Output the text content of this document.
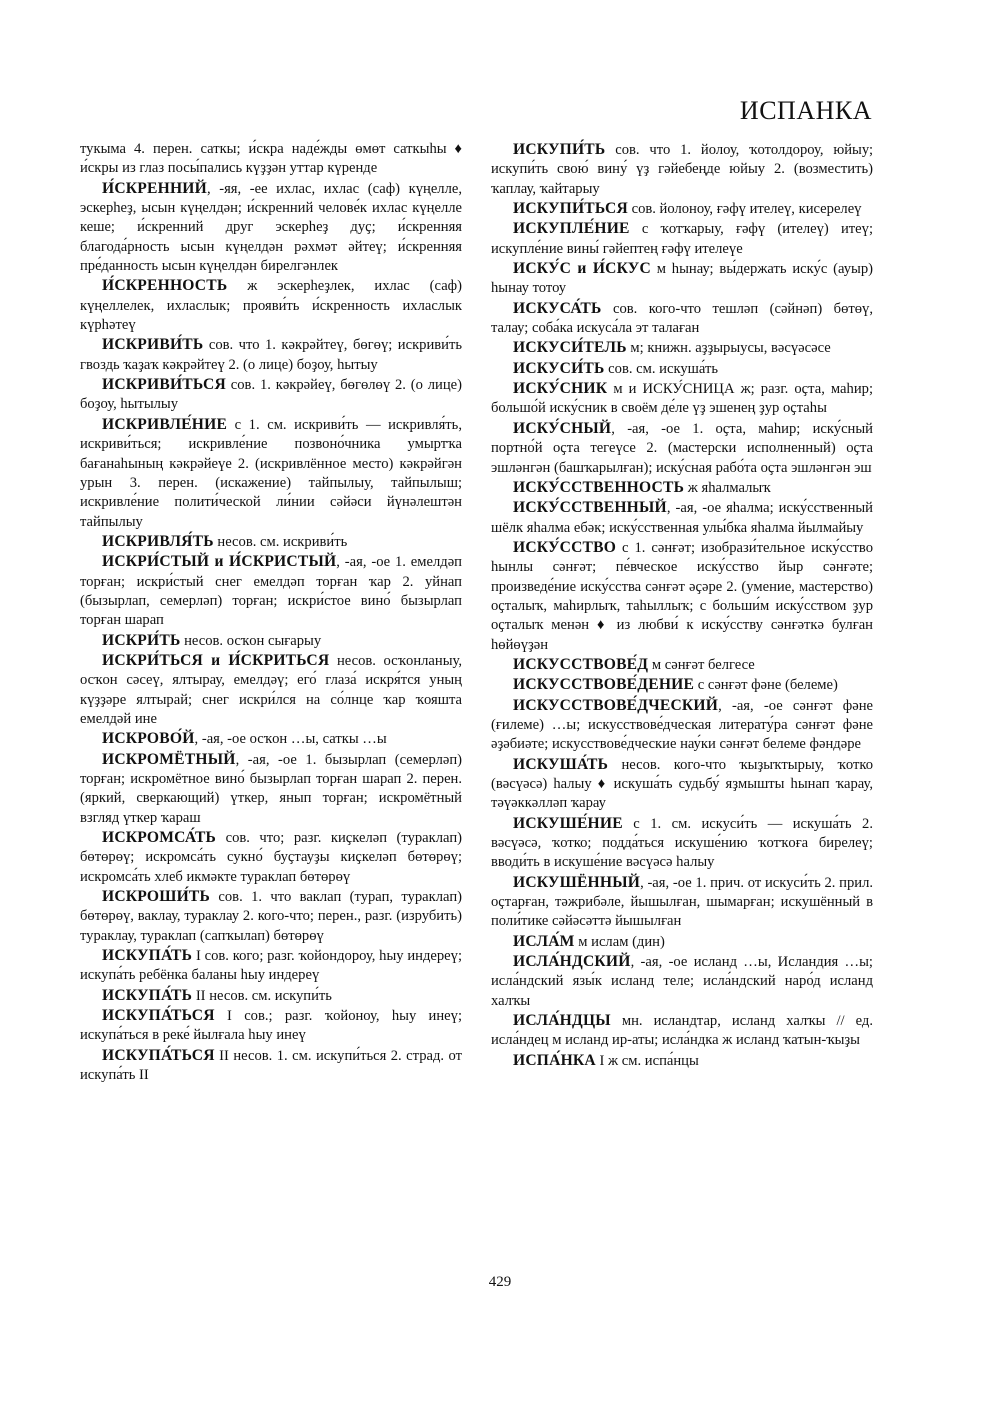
ИСПАНКА

тукыма 4. перен. саткы; и́скра наде́жды өмөт саткыһы ♦ и́скры из глаз посы́пались күҙҙән уттар күренде

И́СКРЕННИЙ, -яя, -ее ихлас, ихлас (саф) күңелле, эскерһеҙ, ысын күңелдән; и́скренний челове́к ихлас күңелле кеше; и́скренний друг эскерһеҙ дуҫ; и́скренняя благода́рность ысын күңелдән рәхмәт әйтеү; и́скренняя пре́данность ысын күңелдән бирелгәнлек

И́СКРЕННОСТЬ ж эскерһеҙлек, ихлас (саф) күңеллелек, ихласлык; прояви́ть и́скренность ихласлык күрһәтеү

ИСКРИВИ́ТЬ сов. что 1. кәкрәйтеү, бөгөү; искриви́ть гвоздь ҡаҙаҡ кәкрәйтеү 2. (о лице) боҙоу, һытыу

ИСКРИВИ́ТЬСЯ сов. 1. кәкрәйеү, бөгөлөү 2. (о лице) боҙоу, һытылыу

ИСКРИВЛЕ́НИЕ с 1. см. искриви́ть — искривля́ть, искриви́ться; искривле́ние позвоно́чника умыртҡа бағанаһының кәкрәйеүе 2. (искривлённое место) кәкрәйгән урын 3. перен. (искажение) тайпылыу, тайпылыш; искривле́ние полити́ческой ли́нии сәйәси йүнәлештән тайпылыу

ИСКРИВЛЯ́ТЬ несов. см. искриви́ть

ИСКРИ́СТЫЙ и И́СКРИСТЫЙ, -ая, -ое 1. емелдәп торған; искри́стый снег емелдәп торған ҡар 2. уйнап (бызырлап, семерләп) торған; искри́стое вино́ бызырлап торған шарап

ИСКРИ́ТЬ несов. осҡон сығарыу

ИСКРИ́ТЬСЯ и И́СКРИТЬСЯ несов. осҡонланыу, осҡон сәсеү, ялтырау, емелдәү; его́ глаза́ искря́тся уның күҙҙәре ялтырай; снег искри́лся на со́лнце ҡар ҡояшта емелдәй ине

ИСКРОВО́Й, -ая, -ое осҡон …ы, саткы …ы

ИСКРОМЁТНЫЙ, -ая, -ое 1. бызырлап (семерләп) торған; искромётное вино́ бызырлап торған шарап 2. перен. (яркий, сверкающий) үткер, янып торған; искромётный взгляд үткер ҡараш

ИСКРОМСА́ТЬ сов. что; разг. киҫкеләп (тураклап) бөтөрөү; искромса́ть сукно́ буҫтауҙы киҫкеләп бөтөрөү; искромса́ть хлеб икмәкте тураклап бөтөрөү

ИСКРОШИ́ТЬ сов. 1. что ваклап (турап, тураклап) бөтөрөү, ваклау, тураклау 2. кого-что; перен., разг. (изрубить) тураклау, тураклап (сапҡылап) бөтөрөү

ИСКУПА́ТЬ I сов. кого; разг. ҡойондороу, һыу индереү; искупа́ть ребёнка баланы һыу индереү

ИСКУПА́ТЬ II несов. см. искупи́ть

ИСКУПА́ТЬСЯ I сов.; разг. ҡойоноу, һыу инеү; искупа́ться в реке́ йылғала һыу инеү

ИСКУПА́ТЬСЯ II несов. 1. см. искупи́ться 2. страд. от искупа́ть II

ИСКУПИ́ТЬ сов. что 1. йолоу, ҡотолдороу, юйыу; искупи́ть свою́ вину́ үҙ гәйебеңде юйыу 2. (возместить) ҡаплау, ҡайтарыу

ИСКУПИ́ТЬСЯ сов. йолоноу, ғәфү ителеү, кисерелеү

ИСКУПЛЕ́НИЕ с ҡотҡарыу, ғәфү (ителеү) итеү; искупле́ние вины́ гәйептең ғәфү ителеүе

ИСКУ́С и И́СКУС м һынау; вы́держать иску́с (ауыр) һынау тотоу

ИСКУСА́ТЬ сов. кого-что тешләп (сәйнәп) бөтөү, талау; соба́ка искуса́ла эт талаған

ИСКУСИ́ТЕЛЬ м; книжн. аҙҙырыусы, вәсүәсәсе

ИСКУСИ́ТЬ сов. см. искуша́ть

ИСКУ́СНИК м и ИСКУ́СНИЦА ж; разг. оҫта, маһир; большо́й иску́сник в своём де́ле үҙ эшенең ҙур оҫтаһы

ИСКУ́СНЫЙ, -ая, -ое 1. оҫта, маһир; иску́сный портно́й оҫта тегеүсе 2. (мастерски исполненный) оҫта эшләнгән (башҡарылған); иску́сная рабо́та оҫта эшләнгән эш

ИСКУ́ССТВЕННОСТЬ ж яһалмалыҡ

ИСКУ́ССТВЕННЫЙ, -ая, -ое яһалма; иску́сственный шёлк яһалма ебәк; иску́сственная улы́бка яһалма йылмайыу

ИСКУ́ССТВО с 1. сәнғәт; изобрази́тельное иску́сство һынлы сәнғәт; пе́вческое иску́сство йыр сәнғәте; произведе́ние иску́сства сәнғәт әҫәре 2. (умение, мастерство) оҫталыҡ, маһирлыҡ, таһыллыҡ; с больши́м иску́сством ҙур оҫталыҡ менән ♦ из любви́ к иску́сству сәнғәткә булған һөйөүҙән

ИСКУССТВОВЕ́Д м сәнғәт белгесе

ИСКУССТВОВЕ́ДЕНИЕ с сәнғәт фәне (белеме)

ИСКУССТВОВЕ́ДЧЕСКИЙ, -ая, -ое сәнғәт фәне (ғилеме) …ы; искусствове́дческая литерату́ра сәнғәт фәне әҙәбиәте; искусствове́дческие нау́ки сәнғәт белеме фәндәре

ИСКУША́ТЬ несов. кого-что ҡыҙыҡтырыу, ҡотко (вәсүәсә) һалыу ♦ искуша́ть судьбу́ яҙмышты һынап ҡарау, тәүәккәлләп ҡарау

ИСКУШЕ́НИЕ с 1. см. искуси́ть — искуша́ть 2. вәсүәсә, ҡотко; подда́ться искуше́нию ҡотҡоға бирелеү; вводи́ть в искуше́ние вәсүәсә һалыу

ИСКУШЁННЫЙ, -ая, -ое 1. прич. от искуси́ть 2. прил. оҫтарған, тәжрибәле, йышылған, шымарған; искушённый в поли́тике сәйәсәттә йышылған

ИСЛА́М м ислам (дин)

ИСЛА́НДСКИЙ, -ая, -ое исланд …ы, Исландия …ы; исла́ндский язы́к исланд теле; исла́ндский наро́д исланд халҡы

ИСЛА́НДЦЫ мн. исландтар, исланд халҡы // ед. исла́ндец м исланд ир-аты; исла́ндка ж исланд ҡатын-ҡыҙы

ИСПА́НКА I ж см. испа́нцы

429
